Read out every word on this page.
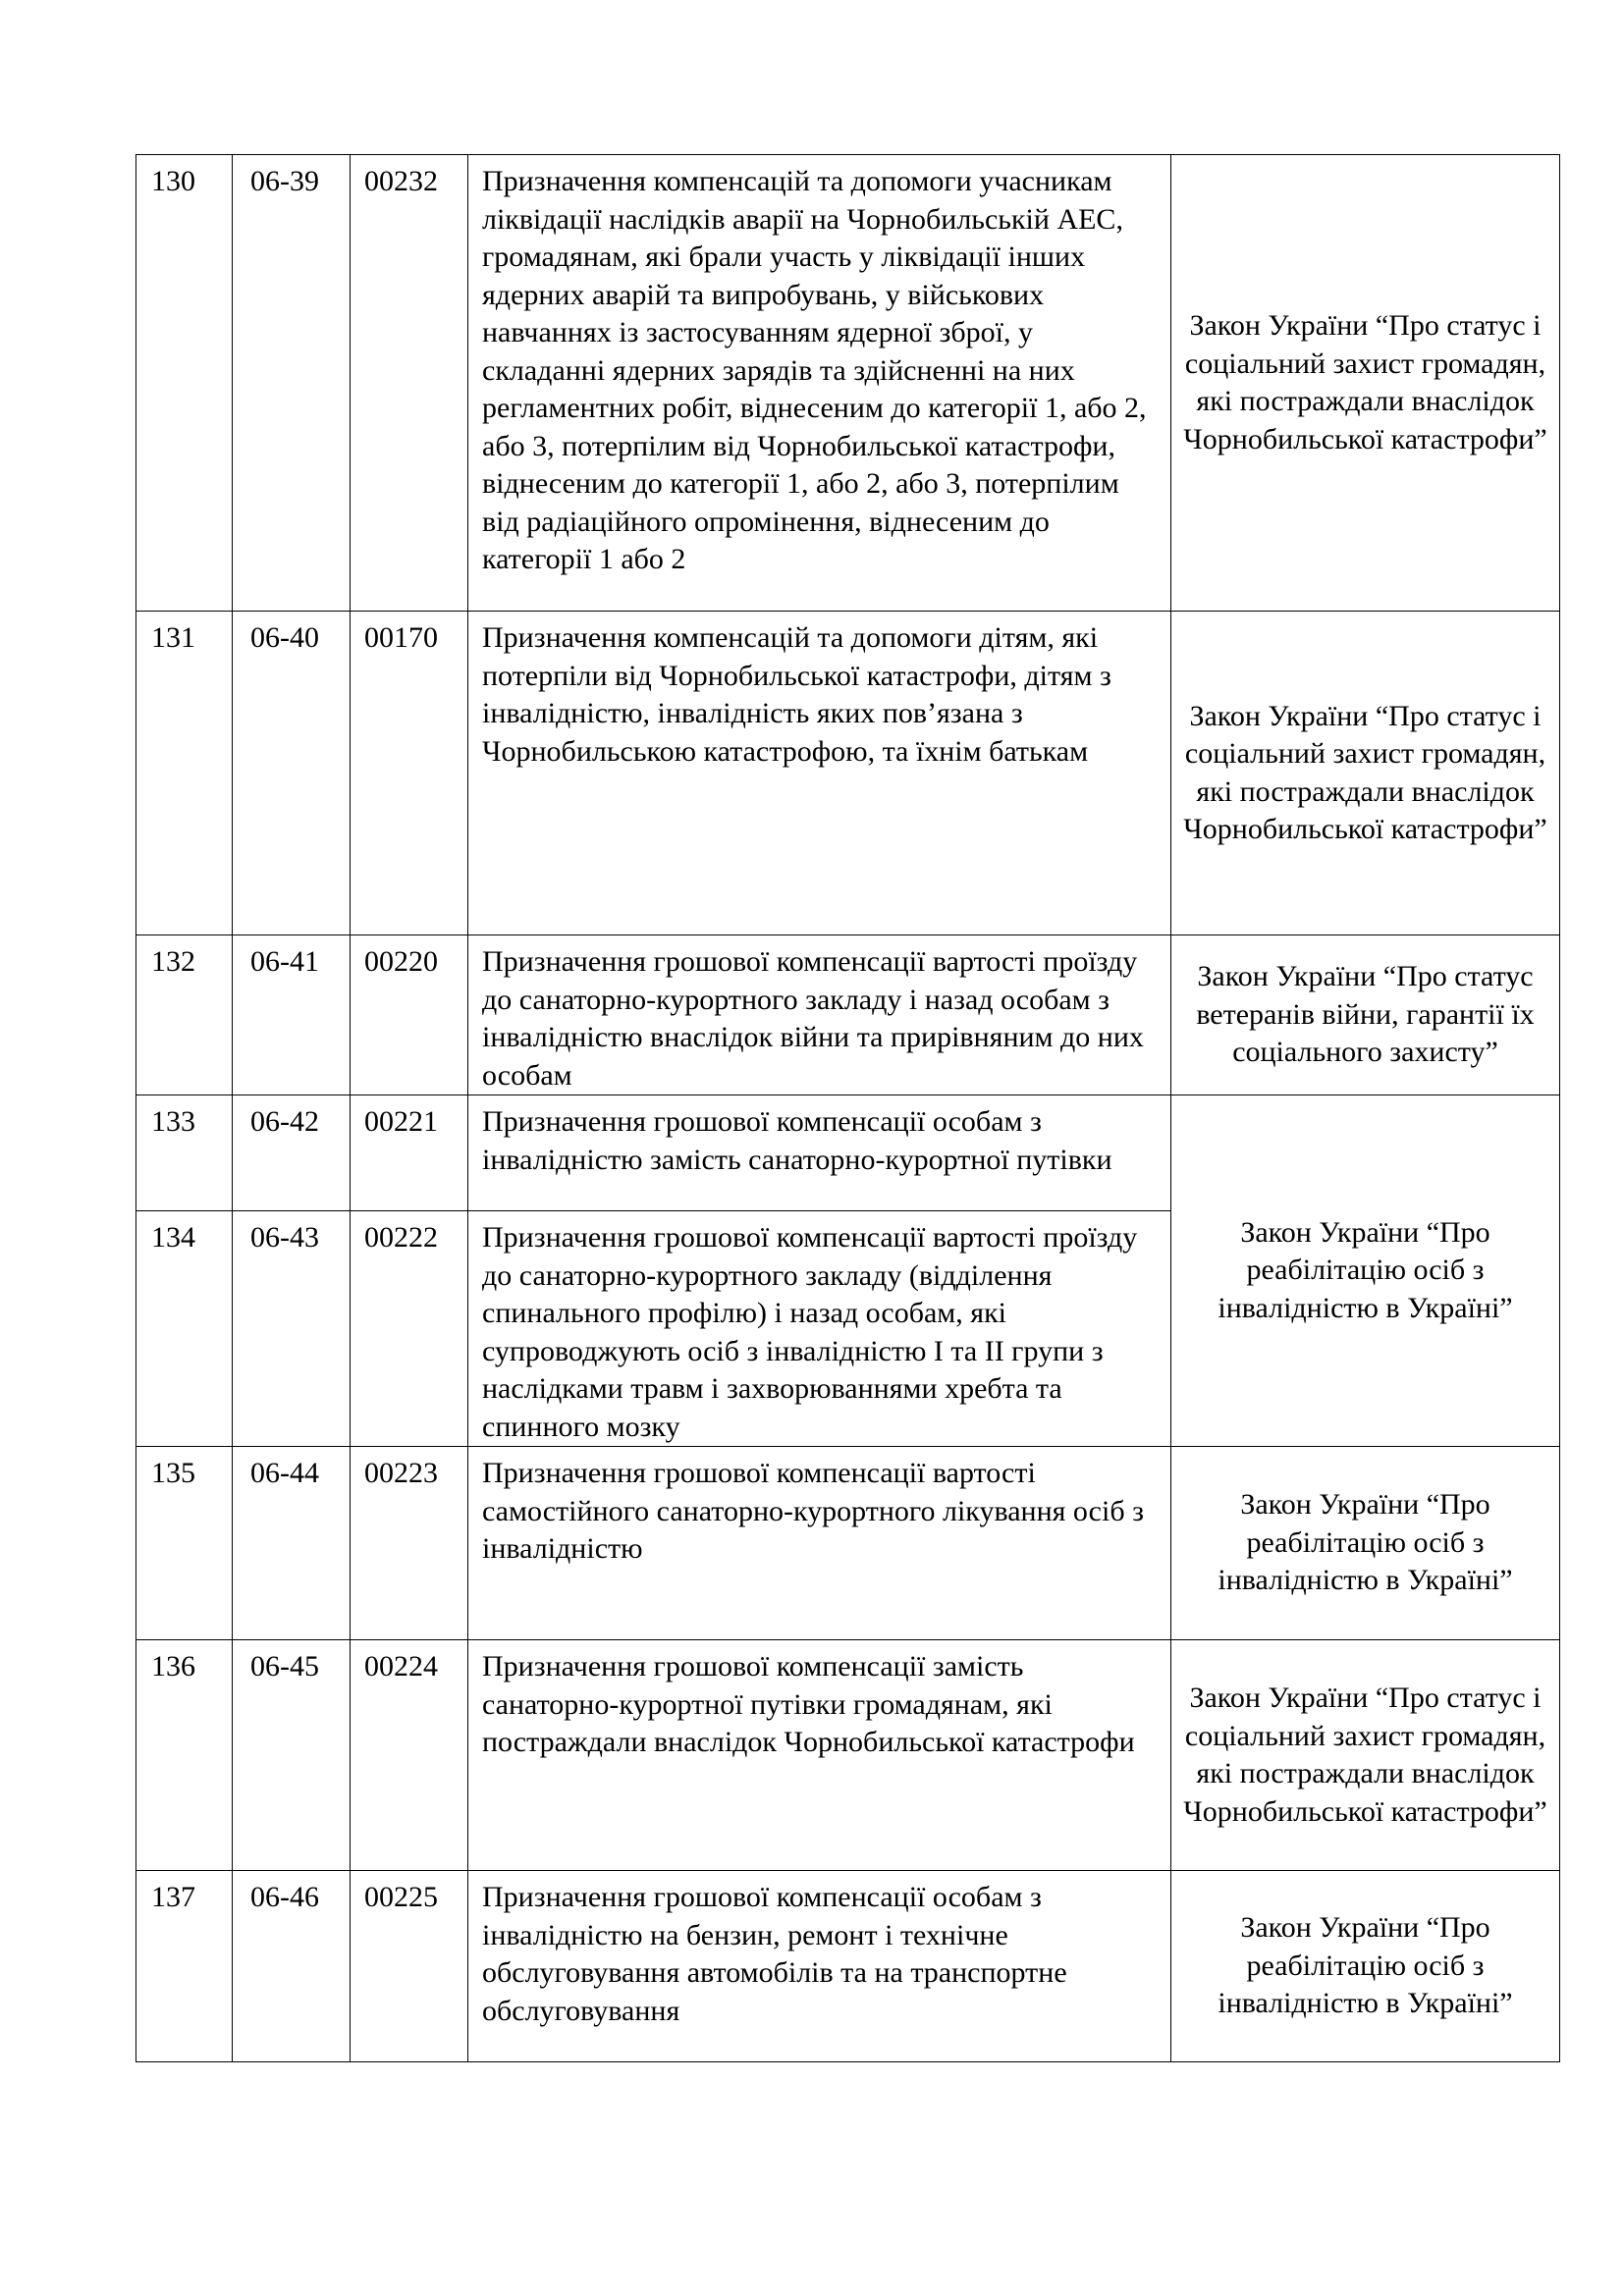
130	06-39	00232	Призначення компенсацій та допомоги учасникам ліквідації наслідків аварії на Чорнобильській АЕС, громадянам, які брали участь у ліквідації інших ядерних аварій та випробувань, у військових навчаннях із застосуванням ядерної зброї, у складанні ядерних зарядів та здійсненні на них регламентних робіт, віднесеним до категорії 1, або 2, або 3, потерпілим від Чорнобильської катастрофи, віднесеним до категорії 1, або 2, або 3, потерпілим від радіаційного опромінення, віднесеним до категорії 1 або 2	Закон України “Про статус і соціальний захист громадян, які постраждали внаслідок Чорнобильської катастрофи”

131	06-40	00170	Призначення компенсацій та допомоги дітям, які потерпіли від Чорнобильської катастрофи, дітям з інвалідністю, інвалідність яких пов’язана з Чорнобильською катастрофою, та їхнім батькам	Закон України “Про статус і соціальний захист громадян, які постраждали внаслідок Чорнобильської катастрофи”

132	06-41	00220	Призначення грошової компенсації вартості проїзду до санаторно-курортного закладу і назад особам з інвалідністю внаслідок війни та прирівняним до них особам	Закон України “Про статус ветеранів війни, гарантії їх соціального захисту”

133	06-42	00221	Призначення грошової компенсації особам з інвалідністю замість санаторно-курортної путівки	Закон України “Про реабілітацію осіб з інвалідністю в Україні”

134	06-43	00222	Призначення грошової компенсації вартості проїзду до санаторно-курортного закладу (відділення спинального профілю) і назад особам, які супроводжують осіб з інвалідністю I та II групи з наслідками травм і захворюваннями хребта та спинного мозку	

135	06-44	00223	Призначення грошової компенсації вартості самостійного санаторно-курортного лікування осіб з інвалідністю	Закон України “Про реабілітацію осіб з інвалідністю в Україні”

136	06-45	00224	Призначення грошової компенсації замість санаторно-курортної путівки громадянам, які постраждали внаслідок Чорнобильської катастрофи	Закон України “Про статус і соціальний захист громадян, які постраждали внаслідок Чорнобильської катастрофи”

137	06-46	00225	Призначення грошової компенсації особам з інвалідністю на бензин, ремонт і технічне обслуговування автомобілів та на транспортне обслуговування	Закон України “Про реабілітацію осіб з інвалідністю в Україні”
